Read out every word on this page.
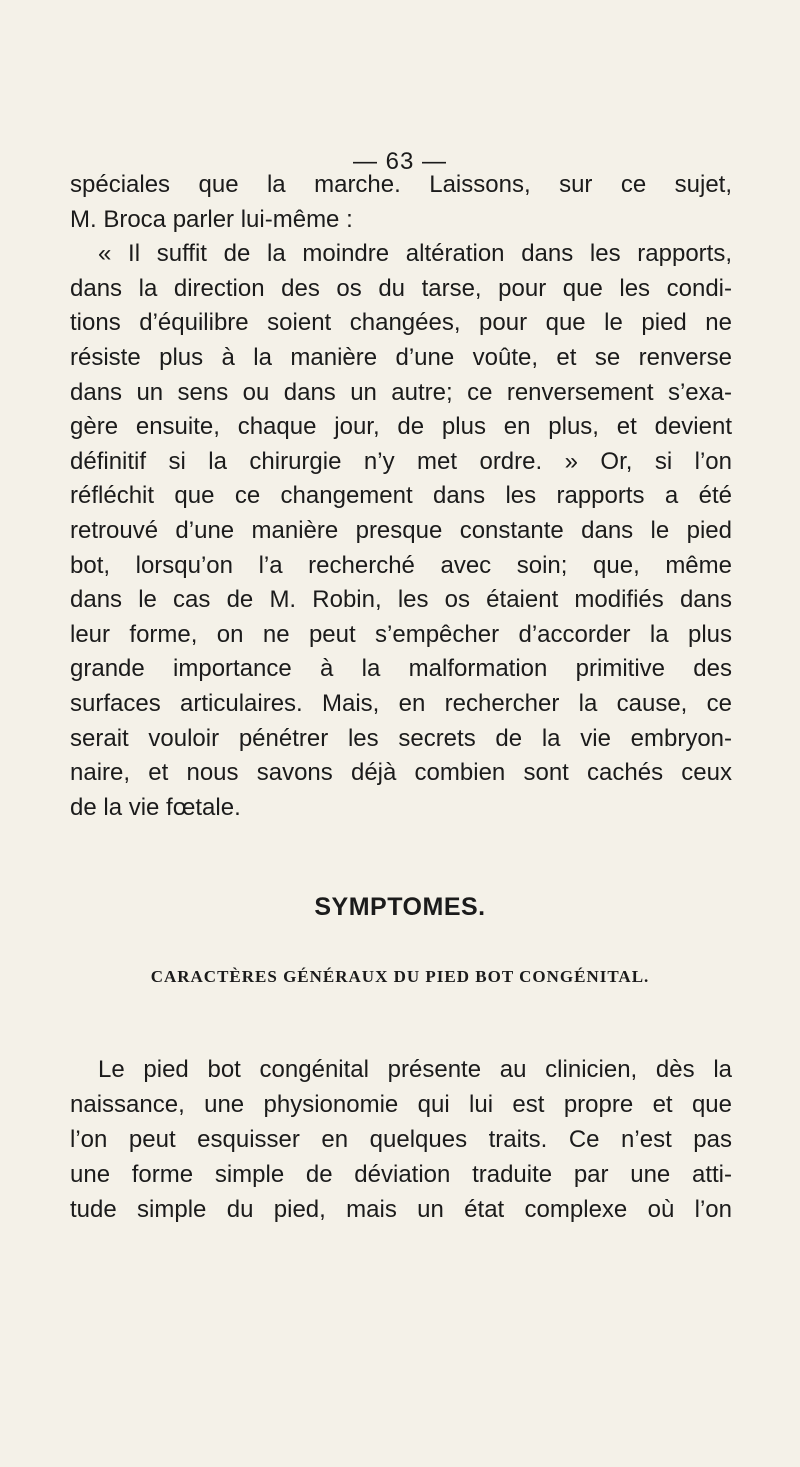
— 63 —
spéciales que la marche. Laissons, sur ce sujet,
M. Broca parler lui-même :
« Il suffit de la moindre altération dans les rapports,
dans la direction des os du tarse, pour que les condi-
tions d’équilibre soient changées, pour que le pied ne
résiste plus à la manière d’une voûte, et se renverse
dans un sens ou dans un autre; ce renversement s’exa-
gère ensuite, chaque jour, de plus en plus, et devient
définitif si la chirurgie n’y met ordre. » Or, si l’on
réfléchit que ce changement dans les rapports a été
retrouvé d’une manière presque constante dans le pied
bot, lorsqu’on l’a recherché avec soin; que, même
dans le cas de M. Robin, les os étaient modifiés dans
leur forme, on ne peut s’empêcher d’accorder la plus
grande importance à la malformation primitive des
surfaces articulaires. Mais, en rechercher la cause, ce
serait vouloir pénétrer les secrets de la vie embryon-
naire, et nous savons déjà combien sont cachés ceux
de la vie fœtale.
SYMPTOMES.
CARACTÈRES GÉNÉRAUX DU PIED BOT CONGÉNITAL.
Le pied bot congénital présente au clinicien, dès la
naissance, une physionomie qui lui est propre et que
l’on peut esquisser en quelques traits. Ce n’est pas
une forme simple de déviation traduite par une atti-
tude simple du pied, mais un état complexe où l’on
